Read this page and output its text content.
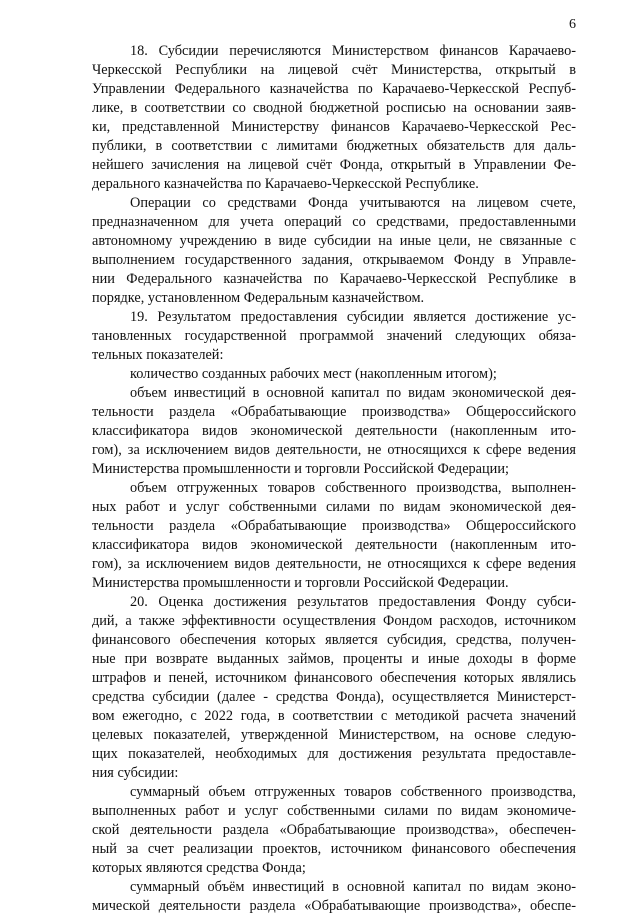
6
18. Субсидии перечисляются Министерством финансов Карачаево-
Черкесской Республики на лицевой счёт Министерства, открытый в
Управлении Федерального казначейства по Карачаево-Черкесской Респуб-
лике, в соответствии со сводной бюджетной росписью на основании заяв-
ки, представленной Министерству финансов Карачаево-Черкесской Рес-
публики, в соответствии с лимитами бюджетных обязательств для даль-
нейшего зачисления на лицевой счёт Фонда, открытый в Управлении Фе-
дерального казначейства по Карачаево-Черкесской Республике.
Операции со средствами Фонда учитываются на лицевом счете,
предназначенном для учета операций со средствами, предоставленными
автономному учреждению в виде субсидии на иные цели, не связанные с
выполнением государственного задания, открываемом Фонду в Управле-
нии Федерального казначейства по Карачаево-Черкесской Республике в
порядке, установленном Федеральным казначейством.
19. Результатом предоставления субсидии является достижение ус-
тановленных государственной программой значений следующих обяза-
тельных показателей:
количество созданных рабочих мест (накопленным итогом);
объем инвестиций в основной капитал по видам экономической дея-
тельности раздела «Обрабатывающие производства» Общероссийского
классификатора видов экономической деятельности (накопленным ито-
гом), за исключением видов деятельности, не относящихся к сфере ведения
Министерства промышленности и торговли Российской Федерации;
объем отгруженных товаров собственного производства, выполнен-
ных работ и услуг собственными силами по видам экономической дея-
тельности раздела «Обрабатывающие производства» Общероссийского
классификатора видов экономической деятельности (накопленным ито-
гом), за исключением видов деятельности, не относящихся к сфере ведения
Министерства промышленности и торговли Российской Федерации.
20. Оценка достижения результатов предоставления Фонду субси-
дий, а также эффективности осуществления Фондом расходов, источником
финансового обеспечения которых является субсидия, средства, получен-
ные при возврате выданных займов, проценты и иные доходы в форме
штрафов и пеней, источником финансового обеспечения которых являлись
средства субсидии (далее - средства Фонда), осуществляется Министерст-
вом ежегодно, с 2022 года, в соответствии с методикой расчета значений
целевых показателей, утвержденной Министерством, на основе следую-
щих показателей, необходимых для достижения результата предоставле-
ния субсидии:
суммарный объем отгруженных товаров собственного производства,
выполненных работ и услуг собственными силами по видам экономиче-
ской деятельности раздела «Обрабатывающие производства», обеспечен-
ный за счет реализации проектов, источником финансового обеспечения
которых являются средства Фонда;
суммарный объём инвестиций в основной капитал по видам эконо-
мической деятельности раздела «Обрабатывающие производства», обеспе-
